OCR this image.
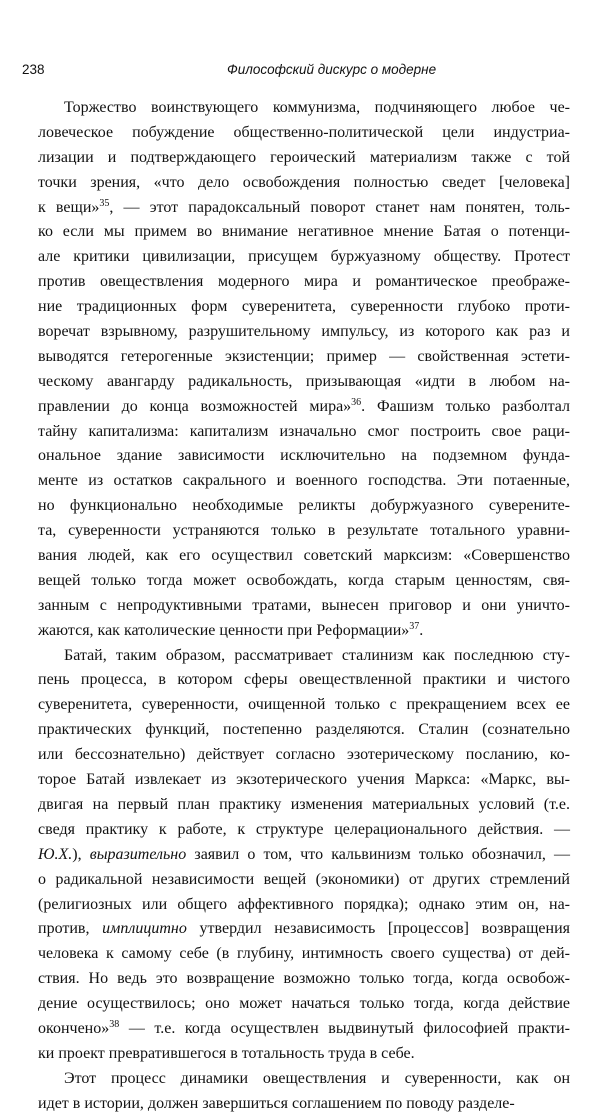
238	Философский дискурс о модерне
Торжество воинствующего коммунизма, подчиняющего любое че-
ловеческое побуждение общественно-политической цели индустриа-
лизации и подтверждающего героический материализм также с той
точки зрения, «что дело освобождения полностью сведет [человека]
к вещи»$^{35}$, — этот парадоксальный поворот станет нам понятен, толь-
ко если мы примем во внимание негативное мнение Батая о потенци-
але критики цивилизации, присущем буржуазному обществу. Протест
против овеществления модерного мира и романтическое преображе-
ние традиционных форм суверенитета, суверенности глубоко проти-
воречат взрывному, разрушительному импульсу, из которого как раз и
выводятся гетерогенные экзистенции; пример — свойственная эстети-
ческому авангарду радикальность, призывающая «идти в любом на-
правлении до конца возможностей мира»$^{36}$. Фашизм только разболтал
тайну капитализма: капитализм изначально смог построить свое раци-
ональное здание зависимости исключительно на подземном фунда-
менте из остатков сакрального и военного господства. Эти потаенные,
но функционально необходимые реликты добуржуазного суверените-
та, суверенности устраняются только в результате тотального уравни-
вания людей, как его осуществил советский марксизм: «Совершенство
вещей только тогда может освобождать, когда старым ценностям, свя-
занным с непродуктивными тратами, вынесен приговор и они уничто-
жаются, как католические ценности при Реформации»$^{37}$.
Батай, таким образом, рассматривает сталинизм как последнюю сту-
пень процесса, в котором сферы овеществленной практики и чистого
суверенитета, суверенности, очищенной только с прекращением всех ее
практических функций, постепенно разделяются. Сталин (сознательно
или бессознательно) действует согласно эзотерическому посланию, ко-
торое Батай извлекает из экзотерического учения Маркса: «Маркс, вы-
двигая на первый план практику изменения материальных условий (т.е.
сведя практику к работе, к структуре целерационального действия. —
Ю.Х.), выразительно заявил о том, что кальвинизм только обозначил, —
о радикальной независимости вещей (экономики) от других стремлений
(религиозных или общего аффективного порядка); однако этим он, на-
против, имплицитно утвердил независимость [процессов] возвращения
человека к самому себе (в глубину, интимность своего существа) от дей-
ствия. Но ведь это возвращение возможно только тогда, когда освобож-
дение осуществилось; оно может начаться только тогда, когда действие
окончено»$^{38}$ — т.е. когда осуществлен выдвинутый философией практи-
ки проект превратившегося в тотальность труда в себе.
Этот процесс динамики овеществления и суверенности, как он
идет в истории, должен завершиться соглашением по поводу разделе-
